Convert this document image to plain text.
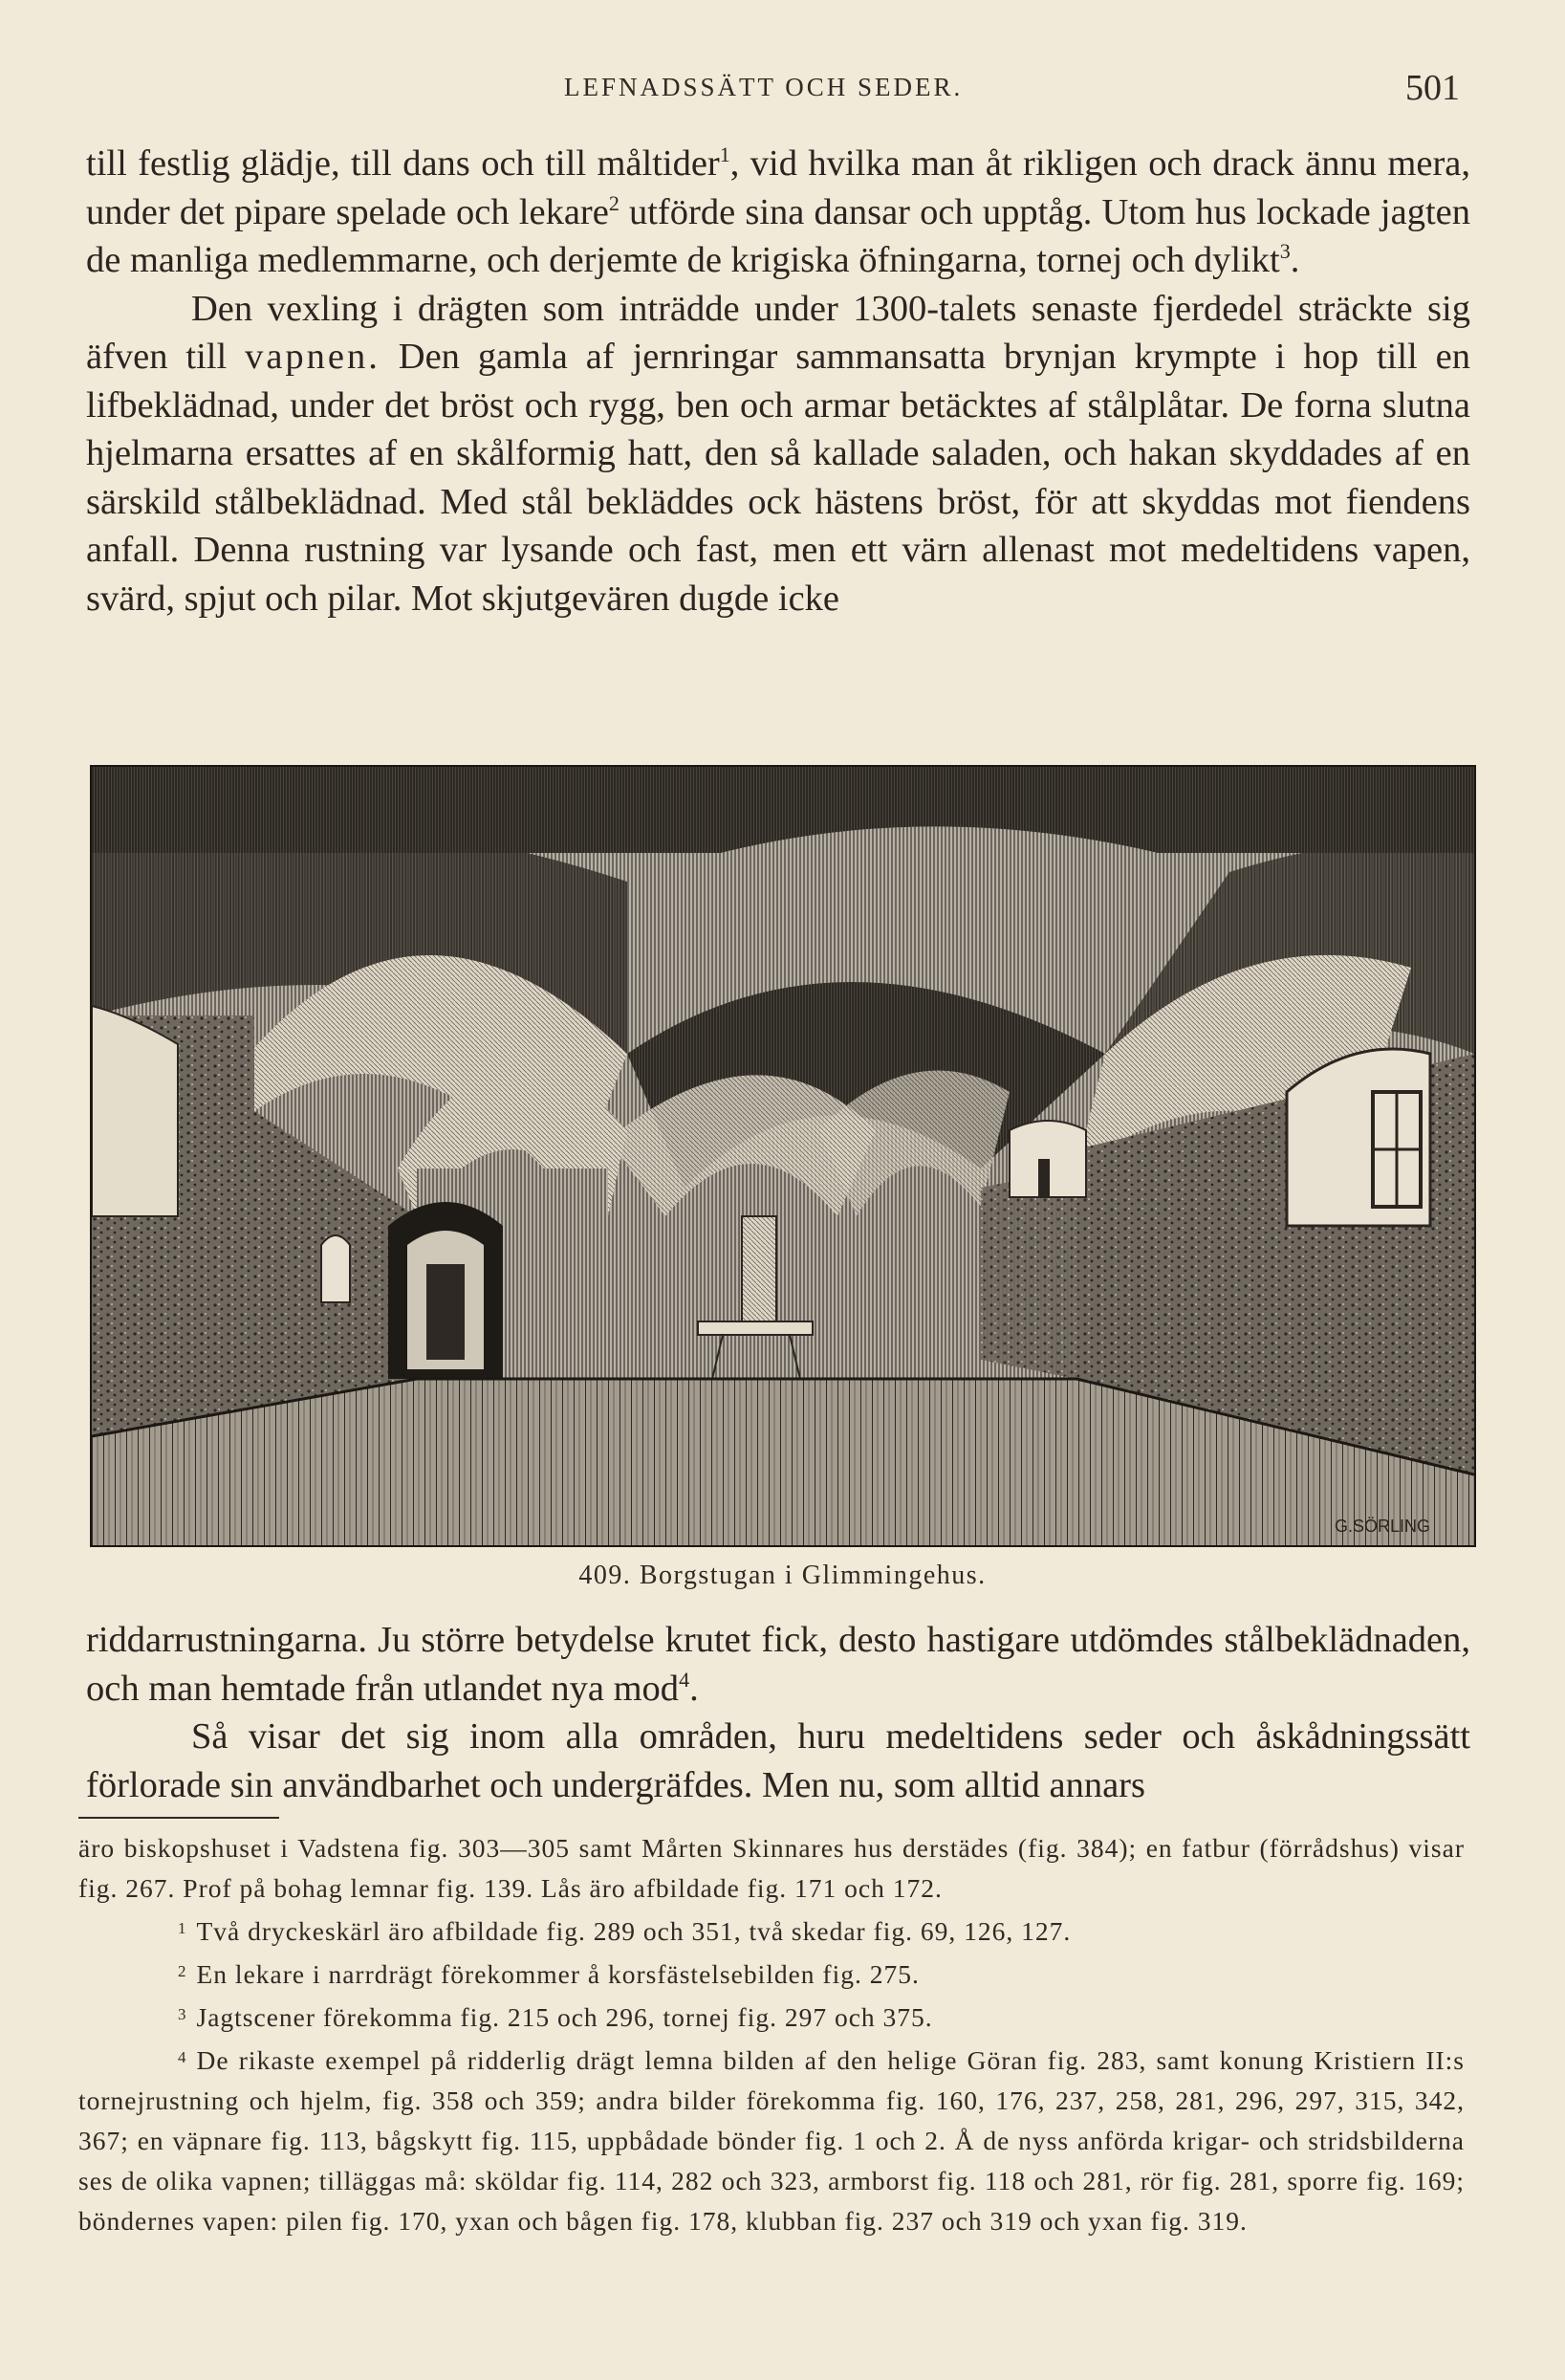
LEFNADSSÄTT OCH SEDER.	501

till festlig glädje, till dans och till måltider$^1$, vid hvilka man åt rikligen och drack ännu mera, under det pipare spelade och lekare$^2$ utförde sina dansar och upptåg. Utom hus lockade jagten de manliga medlemmarne, och derjemte de krigiska öfningarna, tornej och dylikt$^3$.

Den vexling i drägten som inträdde under 1300-talets senaste fjerdedel sträckte sig äfven till vapnen. Den gamla af jernringar sammansatta brynjan krympte i hop till en lifbeklädnad, under det bröst och rygg, ben och armar betäcktes af stålplåtar. De forna slutna hjelmarna ersattes af en skålformig hatt, den så kallade saladen, och hakan skyddades af en särskild stålbeklädnad. Med stål bekläddes ock hästens bröst, för att skyddas mot fiendens anfall. Denna rustning var lysande och fast, men ett värn allenast mot medeltidens vapen, svärd, spjut och pilar. Mot skjutgevären dugde icke

G.SÖRLING
409. Borgstugan i Glimmingehus.

riddarrustningarna. Ju större betydelse krutet fick, desto hastigare utdömdes stålbeklädnaden, och man hemtade från utlandet nya mod$^4$.

Så visar det sig inom alla områden, huru medeltidens seder och åskådningssätt förlorade sin användbarhet och undergräfdes. Men nu, som alltid annars

äro biskopshuset i Vadstena fig. 303—305 samt Mårten Skinnares hus derstädes (fig. 384); en fatbur (förrådshus) visar fig. 267. Prof på bohag lemnar fig. 139. Lås äro afbildade fig. 171 och 172.

$^1$ Två dryckeskärl äro afbildade fig. 289 och 351, två skedar fig. 69, 126, 127.

$^2$ En lekare i narrdrägt förekommer å korsfästelsebilden fig. 275.

$^3$ Jagtscener förekomma fig. 215 och 296, tornej fig. 297 och 375.

$^4$ De rikaste exempel på ridderlig drägt lemna bilden af den helige Göran fig. 283, samt konung Kristiern II:s tornejrustning och hjelm, fig. 358 och 359; andra bilder förekomma fig. 160, 176, 237, 258, 281, 296, 297, 315, 342, 367; en väpnare fig. 113, bågskytt fig. 115, uppbådade bönder fig. 1 och 2. Å de nyss anförda krigar- och stridsbilderna ses de olika vapnen; tilläggas må: sköldar fig. 114, 282 och 323, armborst fig. 118 och 281, rör fig. 281, sporre fig. 169; böndernes vapen: pilen fig. 170, yxan och bågen fig. 178, klubban fig. 237 och 319 och yxan fig. 319.
